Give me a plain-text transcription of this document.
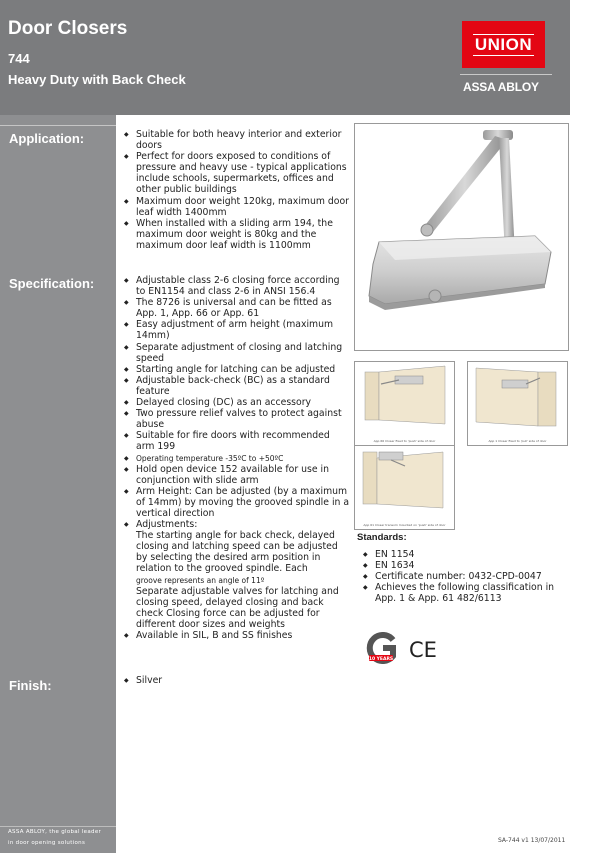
Door Closers
744
Heavy Duty with Back Check
UNION
ASSA ABLOY
Application:
Specification:
Finish:
ASSA ABLOY, the global leader
in door opening solutions	SA-744 v1 13/07/2011
◆ Suitable for both heavy interior and exterior doors
◆ Perfect for doors exposed to conditions of pressure and heavy use - typical applications include schools, supermarkets, offices and other public buildings
◆ Maximum door weight 120kg, maximum door leaf width 1400mm
◆ When installed with a sliding arm 194, the maximum door weight is 80kg and the maximum door leaf width is 1100mm
◆ Adjustable class 2-6 closing force according to EN1154 and class 2-6 in ANSI 156.4
◆ The 8726 is universal and can be fitted as App. 1, App. 66 or App. 61
◆ Easy adjustment of arm height (maximum 14mm)
◆ Separate adjustment of closing and latching speed
◆ Starting angle for latching can be adjusted
◆ Adjustable back-check (BC) as a standard feature
◆ Delayed closing (DC) as an accessory
◆ Two pressure relief valves to protect against abuse
◆ Suitable for fire doors with recommended arm 199
◆ Operating temperature -35ºC to +50ºC
◆ Hold open device 152 available for use in conjunction with slide arm
◆ Arm Height: Can be adjusted (by a maximum of 14mm) by moving the grooved spindle in a vertical direction
◆ Adjustments:
The starting angle for back check, delayed closing and latching speed can be adjusted by selecting the desired arm position in relation to the grooved spindle. Each
groove represents an angle of 11º
Separate adjustable valves for latching and closing speed, delayed closing and back check Closing force can be adjusted for different door sizes and weights
◆ Available in SIL, B and SS finishes
◆ Silver
App 66 Closer fixed to 'push' side of door	App 1 Closer fixed to 'pull' side of door
App 61 Closer transom mounted on 'push' side of door
Standards:
◆ EN 1154
◆ EN 1634
◆ Certificate number: 0432-CPD-0047
◆ Achieves the following classification in App. 1 & App. 61 482/6113
10 YEARS CE
